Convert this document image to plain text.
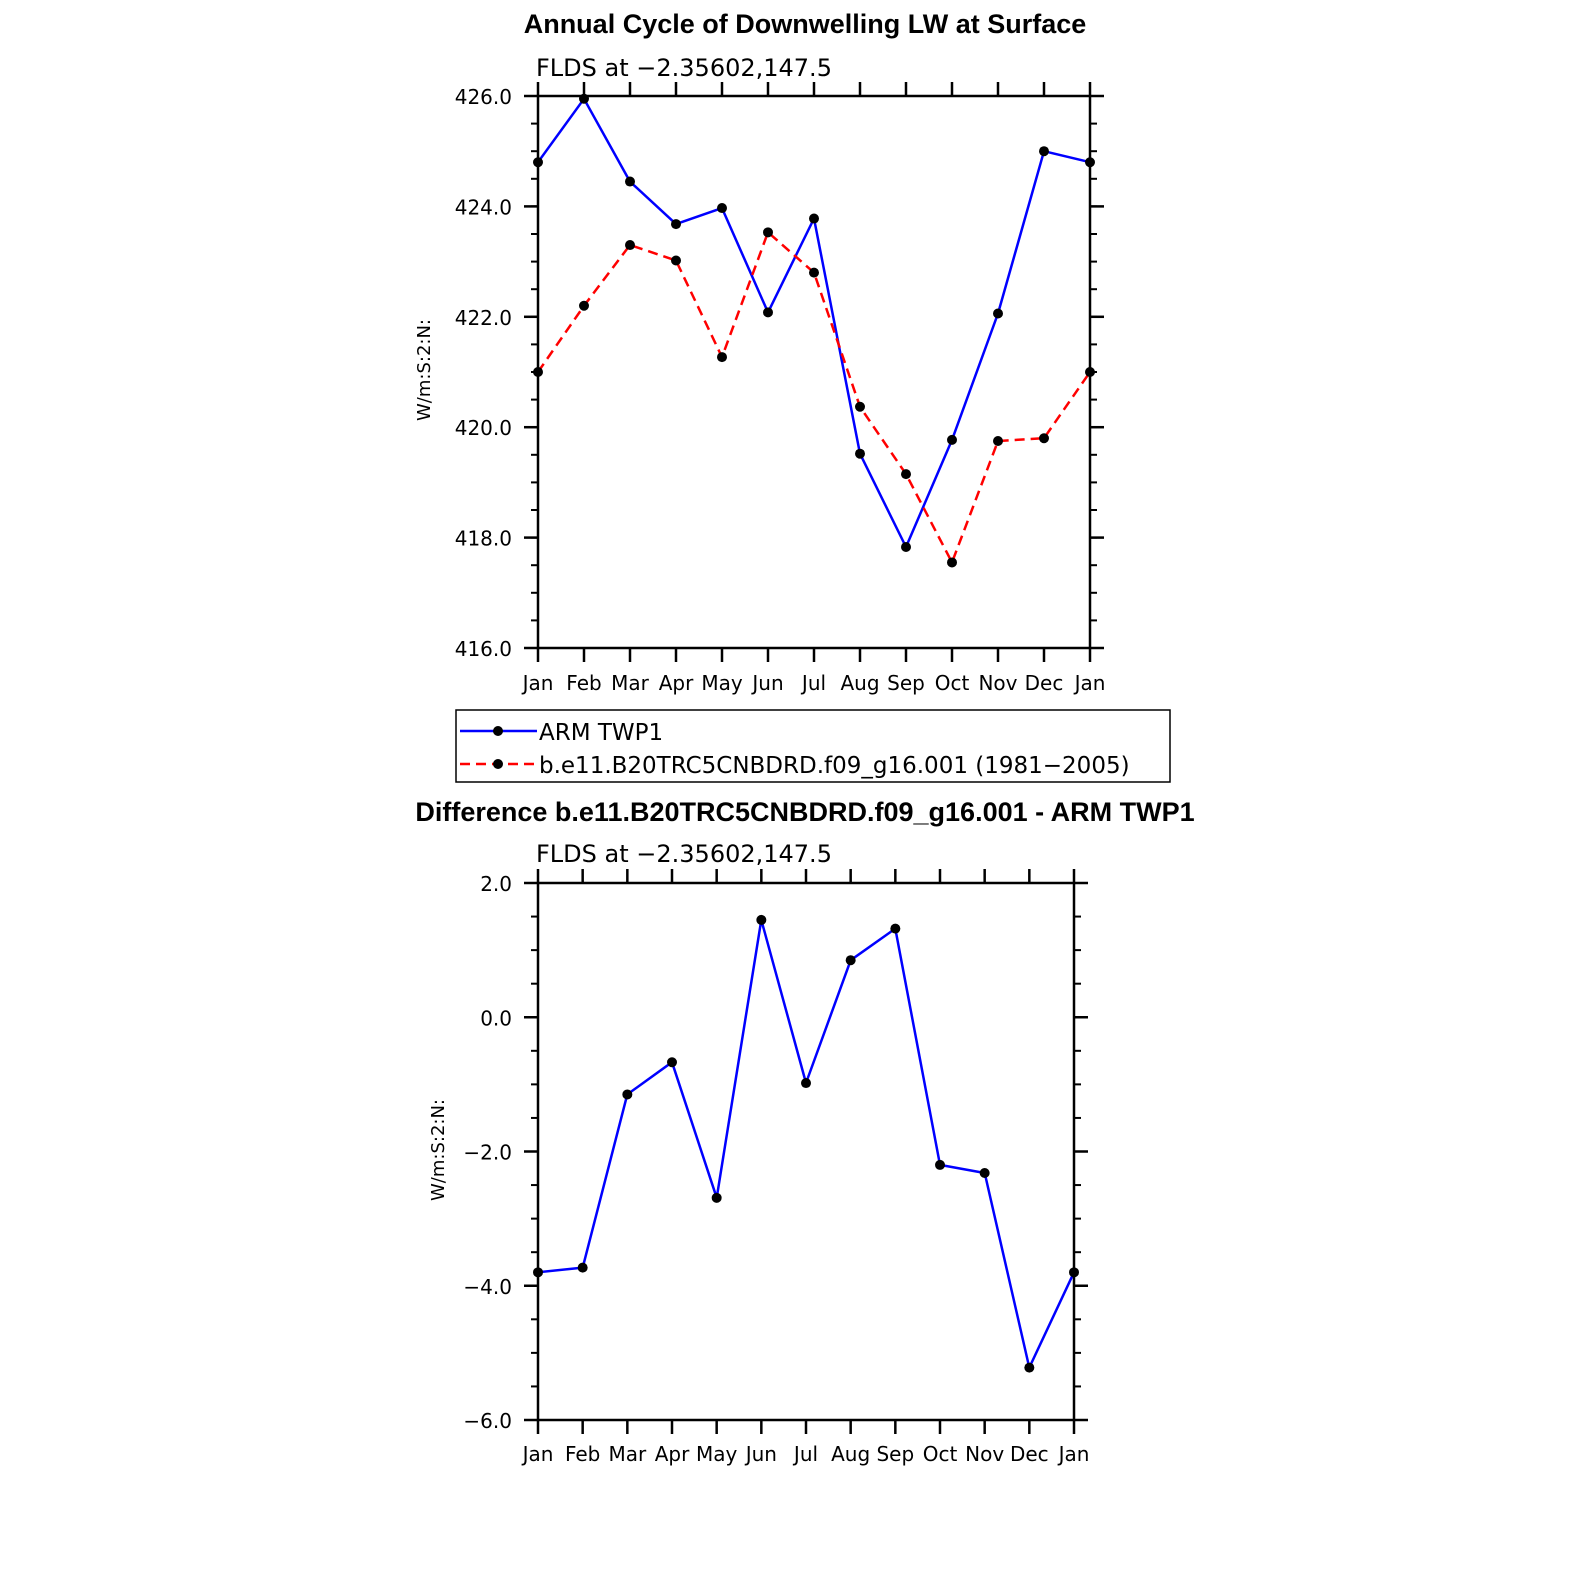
Annual Cycle of Downwelling LW at Surface
FLDS at −2.35602,147.5
W/m:S:2:N:
416.0
418.0
420.0
422.0
424.0
426.0
Jan Feb Mar Apr May Jun Jul Aug Sep Oct Nov Dec Jan
ARM TWP1
b.e11.B20TRC5CNBDRD.f09_g16.001 (1981−2005)
Difference b.e11.B20TRC5CNBDRD.f09_g16.001 - ARM TWP1
FLDS at −2.35602,147.5
W/m:S:2:N:
−6.0
−4.0
−2.0
0.0
2.0
Jan Feb Mar Apr May Jun Jul Aug Sep Oct Nov Dec Jan
